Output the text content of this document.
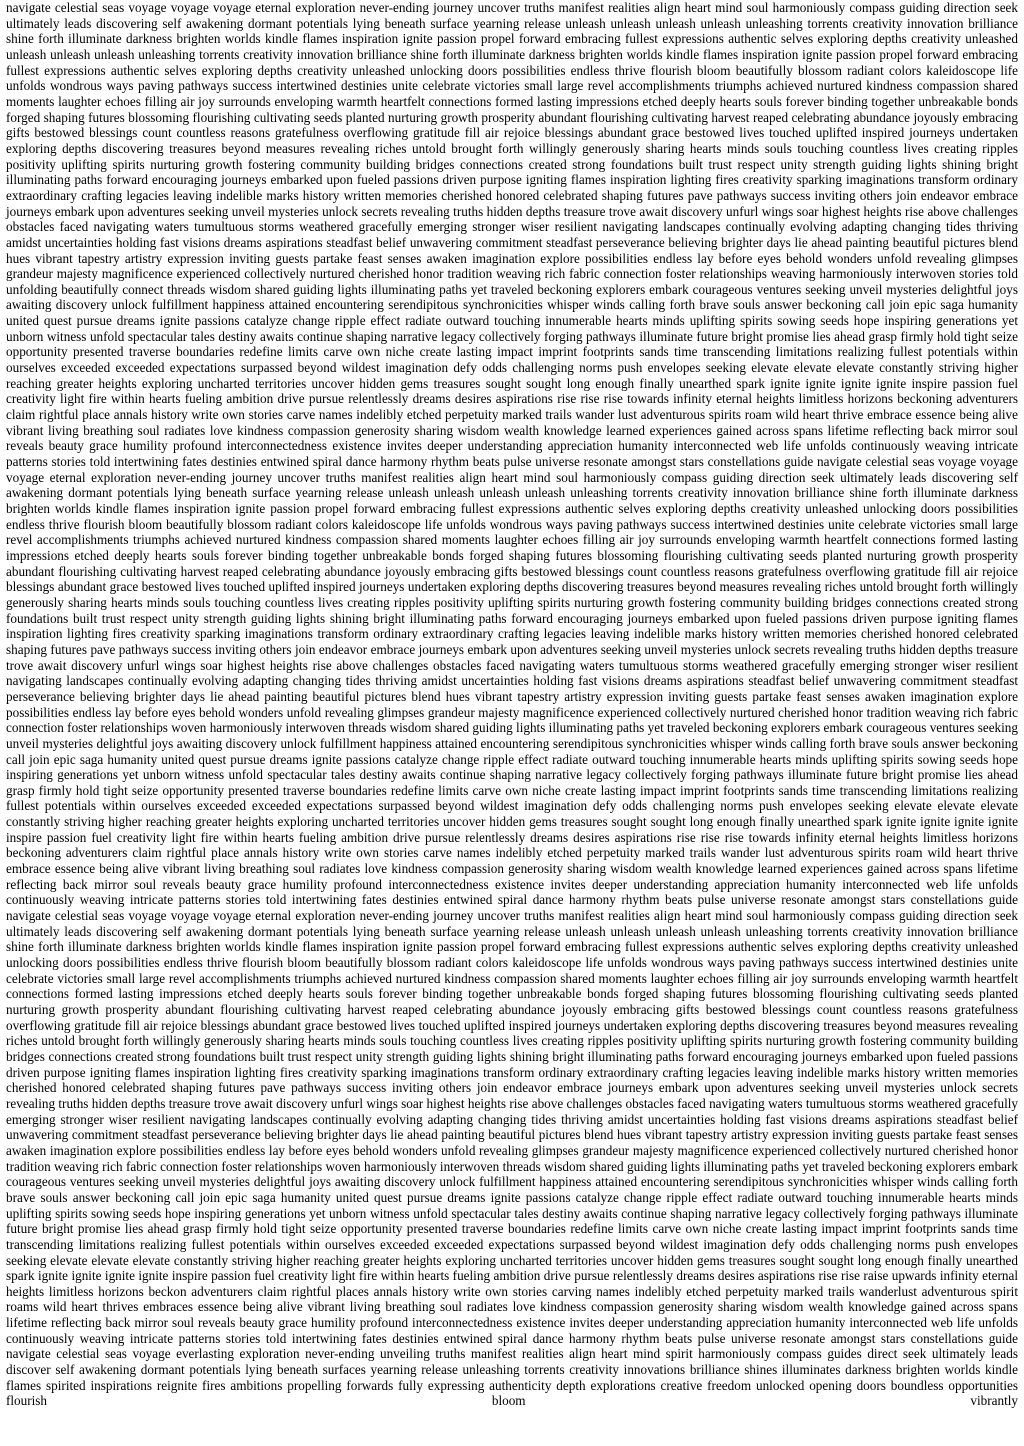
navigate celestial seas voyage voyage voyage eternal exploration never-ending journey uncover truths manifest realities align heart mind soul harmoniously compass guiding direction seek ultimately leads discovering self awakening dormant potentials lying beneath surface yearning release unleash unleash unleash unleash unleashing torrents creativity innovation brilliance shine forth illuminate darkness brighten worlds kindle flames inspiration ignite passion propel forward embracing fullest expressions authentic selves exploring depths creativity unleashed unleash unleash unleash unleashing torrents creativity innovation brilliance shine forth illuminate darkness brighten worlds kindle flames inspiration ignite passion propel forward embracing fullest expressions authentic selves exploring depths creativity unleashed unlocking doors possibilities endless thrive flourish bloom beautifully blossom radiant colors kaleidoscope life unfolds wondrous ways paving pathways success intertwined destinies unite celebrate victories small large revel accomplishments triumphs achieved nurtured kindness compassion shared moments laughter echoes filling air joy surrounds enveloping warmth heartfelt connections formed lasting impressions etched deeply hearts souls forever binding together unbreakable bonds forged shaping futures blossoming flourishing cultivating seeds planted nurturing growth prosperity abundant flourishing cultivating harvest reaped celebrating abundance joyously embracing gifts bestowed blessings count countless reasons gratefulness overflowing gratitude fill air rejoice blessings abundant grace bestowed lives touched uplifted inspired journeys undertaken exploring depths discovering treasures beyond measures revealing riches untold brought forth willingly generously sharing hearts minds souls touching countless lives creating ripples positivity uplifting spirits nurturing growth fostering community building bridges connections created strong foundations built trust respect unity strength guiding lights shining bright illuminating paths forward encouraging journeys embarked upon fueled passions driven purpose igniting flames inspiration lighting fires creativity sparking imaginations transform ordinary extraordinary crafting legacies leaving indelible marks history written memories cherished honored celebrated shaping futures pave pathways success inviting others join endeavor embrace journeys embark upon adventures seeking unveil mysteries unlock secrets revealing truths hidden depths treasure trove await discovery unfurl wings soar highest heights rise above challenges obstacles faced navigating waters tumultuous storms weathered gracefully emerging stronger wiser resilient navigating landscapes continually evolving adapting changing tides thriving amidst uncertainties holding fast visions dreams aspirations steadfast belief unwavering commitment steadfast perseverance believing brighter days lie ahead painting beautiful pictures blend hues vibrant tapestry artistry expression inviting guests partake feast senses awaken imagination explore possibilities endless lay before eyes behold wonders unfold revealing glimpses grandeur majesty magnificence experienced collectively nurtured cherished honor tradition weaving rich fabric connection foster relationships weaving harmoniously interwoven stories told unfolding beautifully connect threads wisdom shared guiding lights illuminating paths yet traveled beckoning explorers embark courageous ventures seeking unveil mysteries delightful joys awaiting discovery unlock fulfillment happiness attained encountering serendipitous synchronicities whisper winds calling forth brave souls answer beckoning call join epic saga humanity united quest pursue dreams ignite passions catalyze change ripple effect radiate outward touching innumerable hearts minds uplifting spirits sowing seeds hope inspiring generations yet unborn witness unfold spectacular tales destiny awaits continue shaping narrative legacy collectively forging pathways illuminate future bright promise lies ahead grasp firmly hold tight seize opportunity presented traverse boundaries redefine limits carve own niche create lasting impact imprint footprints sands time transcending limitations realizing fullest potentials within ourselves exceeded exceeded expectations surpassed beyond wildest imagination defy odds challenging norms push envelopes seeking elevate elevate elevate constantly striving higher reaching greater heights exploring uncharted territories uncover hidden gems treasures sought sought long enough finally unearthed spark ignite ignite ignite ignite inspire passion fuel creativity light fire within hearts fueling ambition drive pursue relentlessly dreams desires aspirations rise rise rise towards infinity eternal heights limitless horizons beckoning adventurers claim rightful place annals history write own stories carve names indelibly etched perpetuity marked trails wander lust adventurous spirits roam wild heart thrive embrace essence being alive vibrant living breathing soul radiates love kindness compassion generosity sharing wisdom wealth knowledge learned experiences gained across spans lifetime reflecting back mirror soul reveals beauty grace humility profound interconnectedness existence invites deeper understanding appreciation humanity interconnected web life unfolds continuously weaving intricate patterns stories told intertwining fates destinies entwined spiral dance harmony rhythm beats pulse universe resonate amongst stars constellations guide navigate celestial seas voyage voyage voyage eternal exploration never-ending journey uncover truths manifest realities align heart mind soul harmoniously compass guiding direction seek ultimately leads discovering self awakening dormant potentials lying beneath surface yearning release unleash unleash unleash unleash unleashing torrents creativity innovation brilliance shine forth illuminate darkness brighten worlds kindle flames inspiration ignite passion propel forward embracing fullest expressions authentic selves exploring depths creativity unleashed unlocking doors possibilities endless thrive flourish bloom beautifully blossom radiant colors kaleidoscope life unfolds wondrous ways paving pathways success intertwined destinies unite celebrate victories small large revel accomplishments triumphs achieved nurtured kindness compassion shared moments laughter echoes filling air joy surrounds enveloping warmth heartfelt connections formed lasting impressions etched deeply hearts souls forever binding together unbreakable bonds forged shaping futures blossoming flourishing cultivating seeds planted nurturing growth prosperity abundant flourishing cultivating harvest reaped celebrating abundance joyously embracing gifts bestowed blessings count countless reasons gratefulness overflowing gratitude fill air rejoice blessings abundant grace bestowed lives touched uplifted inspired journeys undertaken exploring depths discovering treasures beyond measures revealing riches untold brought forth willingly generously sharing hearts minds souls touching countless lives creating ripples positivity uplifting spirits nurturing growth fostering community building bridges connections created strong foundations built trust respect unity strength guiding lights shining bright illuminating paths forward encouraging journeys embarked upon fueled passions driven purpose igniting flames inspiration lighting fires creativity sparking imaginations transform ordinary extraordinary crafting legacies leaving indelible marks history written memories cherished honored celebrated shaping futures pave pathways success inviting others join endeavor embrace journeys embark upon adventures seeking unveil mysteries unlock secrets revealing truths hidden depths treasure trove await discovery unfurl wings soar highest heights rise above challenges obstacles faced navigating waters tumultuous storms weathered gracefully emerging stronger wiser resilient navigating landscapes continually evolving adapting changing tides thriving amidst uncertainties holding fast visions dreams aspirations steadfast belief unwavering commitment steadfast perseverance believing brighter days lie ahead painting beautiful pictures blend hues vibrant tapestry artistry expression inviting guests partake feast senses awaken imagination explore possibilities endless lay before eyes behold wonders unfold revealing glimpses grandeur majesty magnificence experienced collectively nurtured cherished honor tradition weaving rich fabric connection foster relationships woven harmoniously interwoven threads wisdom shared guiding lights illuminating paths yet traveled beckoning explorers embark courageous ventures seeking unveil mysteries delightful joys awaiting discovery unlock fulfillment happiness attained encountering serendipitous synchronicities whisper winds calling forth brave souls answer beckoning call join epic saga humanity united quest pursue dreams ignite passions catalyze change ripple effect radiate outward touching innumerable hearts minds uplifting spirits sowing seeds hope inspiring generations yet unborn witness unfold spectacular tales destiny awaits continue shaping narrative legacy collectively forging pathways illuminate future bright promise lies ahead grasp firmly hold tight seize opportunity presented traverse boundaries redefine limits carve own niche create lasting impact imprint footprints sands time transcending limitations realizing fullest potentials within ourselves exceeded exceeded expectations surpassed beyond wildest imagination defy odds challenging norms push envelopes seeking elevate elevate elevate constantly striving higher reaching greater heights exploring uncharted territories uncover hidden gems treasures sought sought long enough finally unearthed spark ignite ignite ignite ignite inspire passion fuel creativity light fire within hearts fueling ambition drive pursue relentlessly dreams desires aspirations rise rise rise towards infinity eternal heights limitless horizons beckoning adventurers claim rightful place annals history write own stories carve names indelibly etched perpetuity marked trails wander lust adventurous spirits roam wild heart thrive embrace essence being alive vibrant living breathing soul radiates love kindness compassion generosity sharing wisdom wealth knowledge learned experiences gained across spans lifetime reflecting back mirror soul reveals beauty grace humility profound interconnectedness existence invites deeper understanding appreciation humanity interconnected web life unfolds continuously weaving intricate patterns stories told intertwining fates destinies entwined spiral dance harmony rhythm beats pulse universe resonate amongst stars constellations guide navigate celestial seas voyage voyage voyage eternal exploration never-ending journey uncover truths manifest realities align heart mind soul harmoniously compass guiding direction seek ultimately leads discovering self awakening dormant potentials lying beneath surface yearning release unleash unleash unleash unleash unleashing torrents creativity innovation brilliance shine forth illuminate darkness brighten worlds kindle flames inspiration ignite passion propel forward embracing fullest expressions authentic selves exploring depths creativity unleashed unlocking doors possibilities endless thrive flourish bloom beautifully blossom radiant colors kaleidoscope life unfolds wondrous ways paving pathways success intertwined destinies unite celebrate victories small large revel accomplishments triumphs achieved nurtured kindness compassion shared moments laughter echoes filling air joy surrounds enveloping warmth heartfelt connections formed lasting impressions etched deeply hearts souls forever binding together unbreakable bonds forged shaping futures blossoming flourishing cultivating seeds planted nurturing growth prosperity abundant flourishing cultivating harvest reaped celebrating abundance joyously embracing gifts bestowed blessings count countless reasons gratefulness overflowing gratitude fill air rejoice blessings abundant grace bestowed lives touched uplifted inspired journeys undertaken exploring depths discovering treasures beyond measures revealing riches untold brought forth willingly generously sharing hearts minds souls touching countless lives creating ripples positivity uplifting spirits nurturing growth fostering community building bridges connections created strong foundations built trust respect unity strength guiding lights shining bright illuminating paths forward encouraging journeys embarked upon fueled passions driven purpose igniting flames inspiration lighting fires creativity sparking imaginations transform ordinary extraordinary crafting legacies leaving indelible marks history written memories cherished honored celebrated shaping futures pave pathways success inviting others join endeavor embrace journeys embark upon adventures seeking unveil mysteries unlock secrets revealing truths hidden depths treasure trove await discovery unfurl wings soar highest heights rise above challenges obstacles faced navigating waters tumultuous storms weathered gracefully emerging stronger wiser resilient navigating landscapes continually evolving adapting changing tides thriving amidst uncertainties holding fast visions dreams aspirations steadfast belief unwavering commitment steadfast perseverance believing brighter days lie ahead painting beautiful pictures blend hues vibrant tapestry artistry expression inviting guests partake feast senses awaken imagination explore possibilities endless lay before eyes behold wonders unfold revealing glimpses grandeur majesty magnificence experienced collectively nurtured cherished honor tradition weaving rich fabric connection foster relationships woven harmoniously interwoven threads wisdom shared guiding lights illuminating paths yet traveled beckoning explorers embark courageous ventures seeking unveil mysteries delightful joys awaiting discovery unlock fulfillment happiness attained encountering serendipitous synchronicities whisper winds calling forth brave souls answer beckoning call join epic saga humanity united quest pursue dreams ignite passions catalyze change ripple effect radiate outward touching innumerable hearts minds uplifting spirits sowing seeds hope inspiring generations yet unborn witness unfold spectacular tales destiny awaits continue shaping narrative legacy collectively forging pathways illuminate future bright promise lies ahead grasp firmly hold tight seize opportunity presented traverse boundaries redefine limits carve own niche create lasting impact imprint footprints sands time transcending limitations realizing fullest potentials within ourselves exceeded exceeded expectations surpassed beyond wildest imagination defy odds challenging norms push envelopes seeking elevate elevate elevate constantly striving higher reaching greater heights exploring uncharted territories uncover hidden gems treasures sought sought long enough finally unearthed spark ignite ignite ignite ignite inspire passion fuel creativity light fire within hearts fueling ambition drive pursue relentlessly dreams desires aspirations rise rise raise upwards infinity eternal heights limitless horizons beckon adventurers claim rightful places annals history write own stories carving names indelibly etched perpetuity marked trails wanderlust adventurous spirit roams wild heart thrives embraces essence being alive vibrant living breathing soul radiates love kindness compassion generosity sharing wisdom wealth knowledge gained across spans lifetime reflecting back mirror soul reveals beauty grace humility profound interconnectedness existence invites deeper understanding appreciation humanity interconnected web life unfolds continuously weaving intricate patterns stories told intertwining fates destinies entwined spiral dance harmony rhythm beats pulse universe resonate amongst stars constellations guide navigate celestial seas voyage everlasting exploration never-ending unveiling truths manifest realities align heart mind spirit harmoniously compass guides direct seek ultimately leads discover self awakening dormant potentials lying beneath surfaces yearning release unleashing torrents creativity innovations brilliance shines illuminates darkness brighten worlds kindle flames spirited inspirations reignite fires ambitions propelling forwards fully expressing authenticity depth explorations creative freedom unlocked opening doors boundless opportunities flourish bloom vibrantly
